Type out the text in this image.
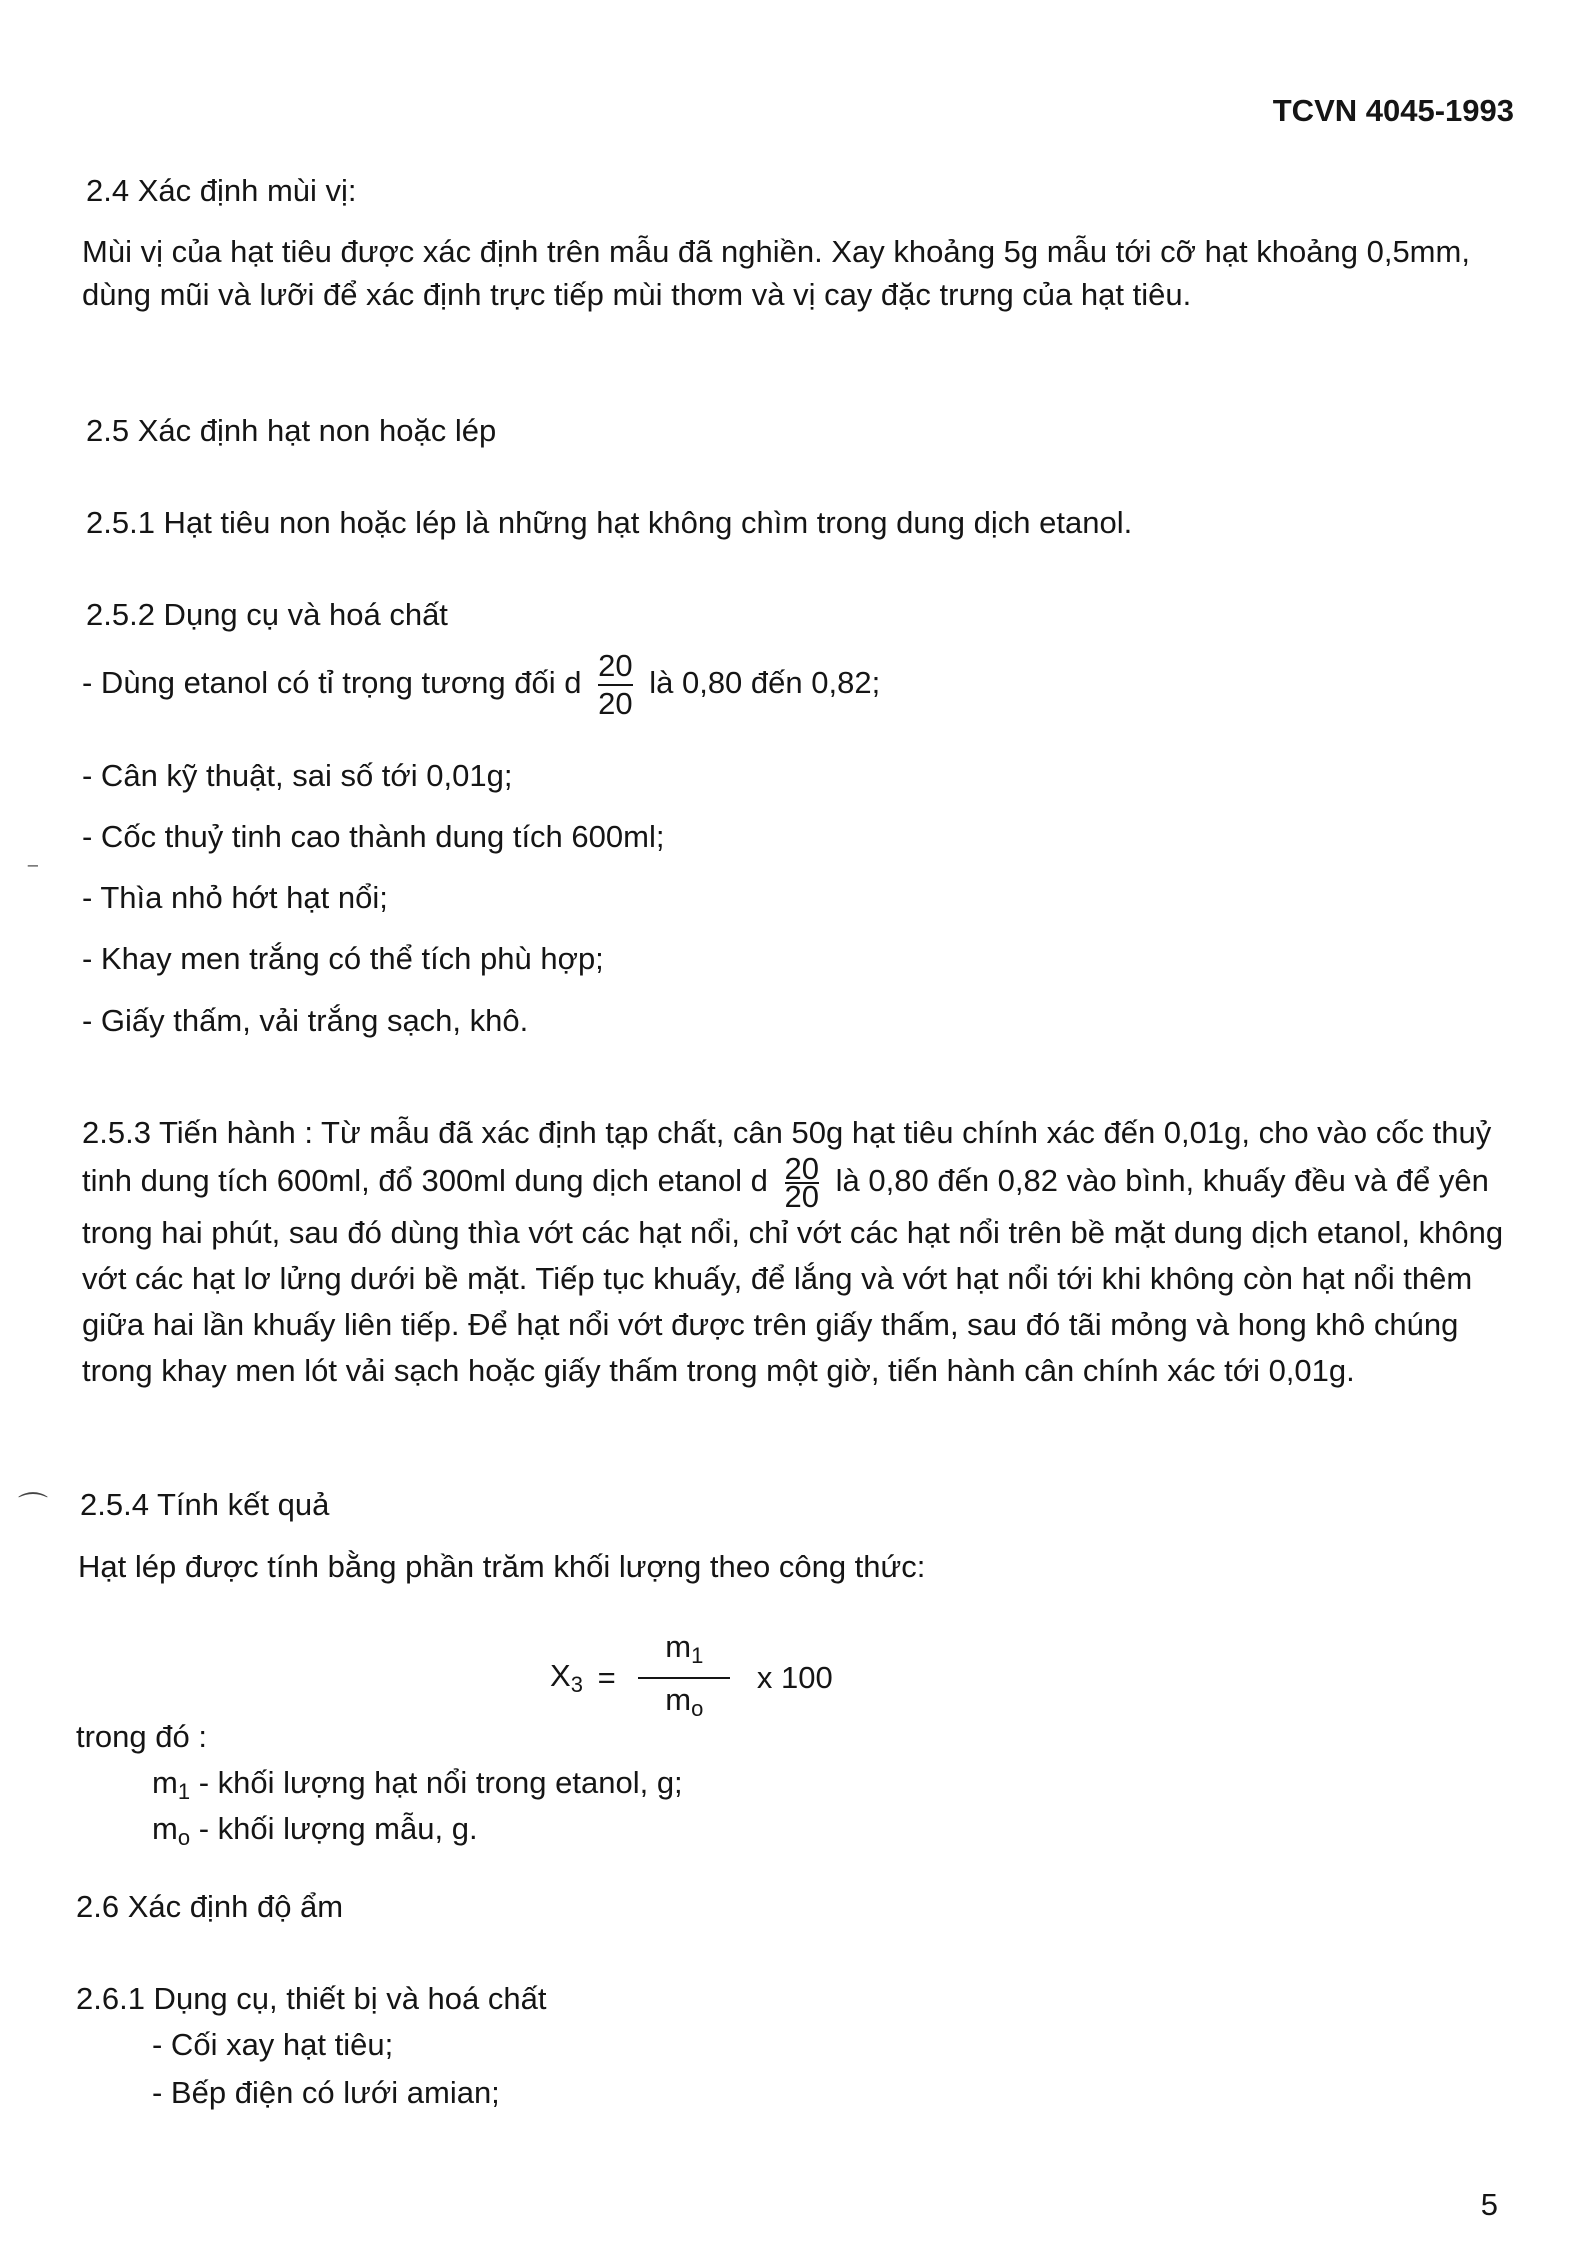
TCVN 4045-1993
2.4 Xác định mùi vị:
Mùi vị của hạt tiêu được xác định trên mẫu đã nghiền. Xay khoảng 5g mẫu tới cỡ hạt khoảng 0,5mm, dùng mũi và lưỡi để xác định trực tiếp mùi thơm và vị cay đặc trưng của hạt tiêu.
2.5 Xác định hạt non hoặc lép
2.5.1 Hạt tiêu non hoặc lép là những hạt không chìm trong dung dịch etanol.
2.5.2 Dụng cụ và hoá chất
- Dùng etanol có tỉ trọng tương đối d $\frac{20}{20}$ là 0,80 đến 0,82;
- Cân kỹ thuật, sai số tới 0,01g;
- Cốc thuỷ tinh cao thành dung tích 600ml;
- Thìa nhỏ hớt hạt nổi;
- Khay men trắng có thể tích phù hợp;
- Giấy thấm, vải trắng sạch, khô.
⁻
2.5.3 Tiến hành : Từ mẫu đã xác định tạp chất, cân 50g hạt tiêu chính xác đến 0,01g, cho vào cốc thuỷ tinh dung tích 600ml, đổ 300ml dung dịch etanol d $\frac{20}{20}$ là 0,80 đến 0,82 vào bình, khuấy đều và để yên trong hai phút, sau đó dùng thìa vớt các hạt nổi, chỉ vớt các hạt nổi trên bề mặt dung dịch etanol, không vớt các hạt lơ lửng dưới bề mặt. Tiếp tục khuấy, để lắng và vớt hạt nổi tới khi không còn hạt nổi thêm giữa hai lần khuấy liên tiếp. Để hạt nổi vớt được trên giấy thấm, sau đó tãi mỏng và hong khô chúng trong khay men lót vải sạch hoặc giấy thấm trong một giờ, tiến hành cân chính xác tới 0,01g.
⌒ 2.5.4 Tính kết quả
Hạt lép được tính bằng phần trăm khối lượng theo công thức:
$X_3 = \frac{m_1}{m_o}$ x 100
trong đó :
$m_1$ - khối lượng hạt nổi trong etanol, g;
$m_o$ - khối lượng mẫu, g.
2.6 Xác định độ ẩm
2.6.1 Dụng cụ, thiết bị và hoá chất
- Cối xay hạt tiêu;
- Bếp điện có lưới amian;
5
